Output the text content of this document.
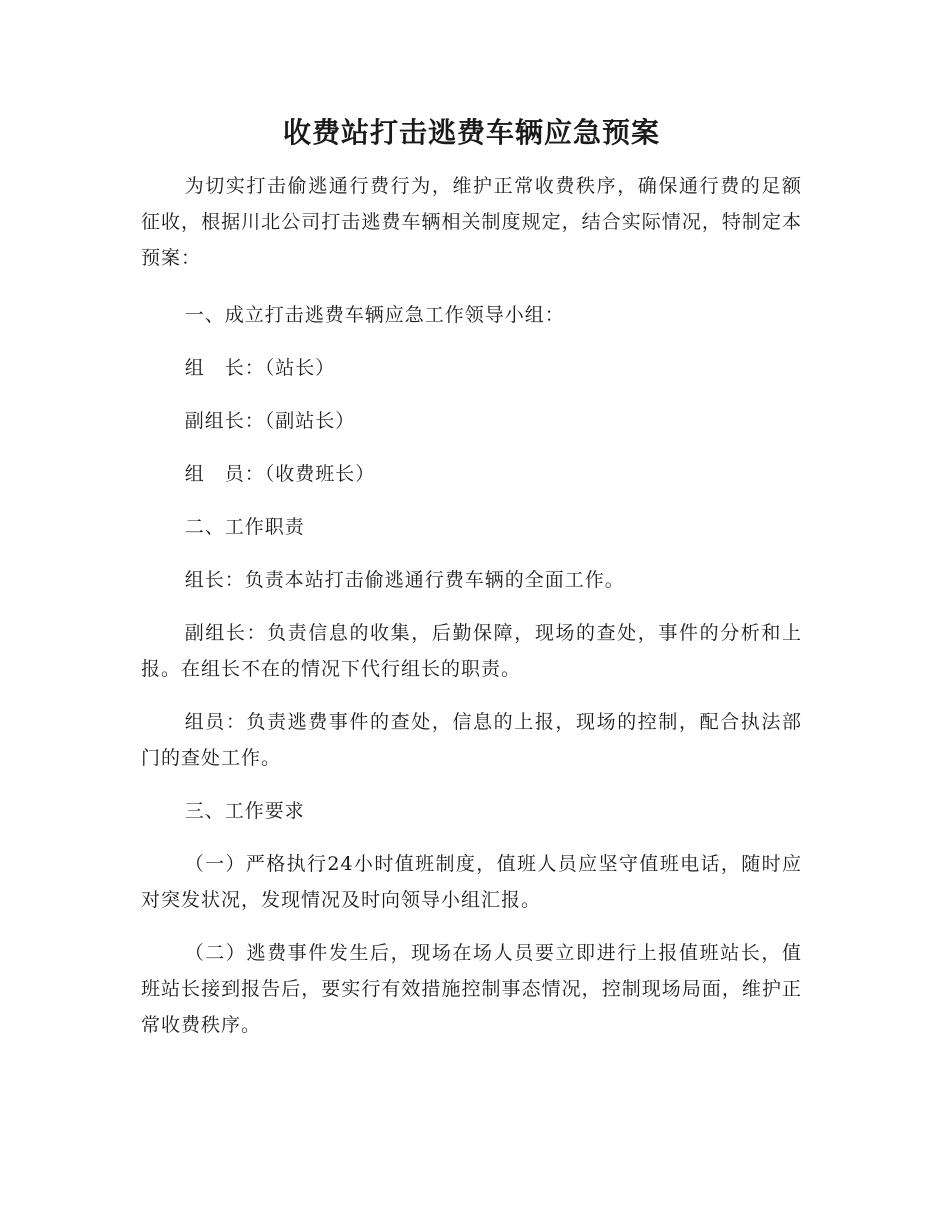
收费站打击逃费车辆应急预案

为切实打击偷逃通行费行为，维护正常收费秩序，确保通行费的足额征收，根据川北公司打击逃费车辆相关制度规定，结合实际情况，特制定本预案：

一、成立打击逃费车辆应急工作领导小组：

组　长：（站长）

副组长：（副站长）

组　员：（收费班长）

二、工作职责

组长：负责本站打击偷逃通行费车辆的全面工作。

副组长：负责信息的收集，后勤保障，现场的查处，事件的分析和上报。在组长不在的情况下代行组长的职责。

组员：负责逃费事件的查处，信息的上报，现场的控制，配合执法部门的查处工作。

三、工作要求

（一）严格执行24小时值班制度，值班人员应坚守值班电话，随时应对突发状况，发现情况及时向领导小组汇报。

（二）逃费事件发生后，现场在场人员要立即进行上报值班站长，值班站长接到报告后，要实行有效措施控制事态情况，控制现场局面，维护正常收费秩序。
